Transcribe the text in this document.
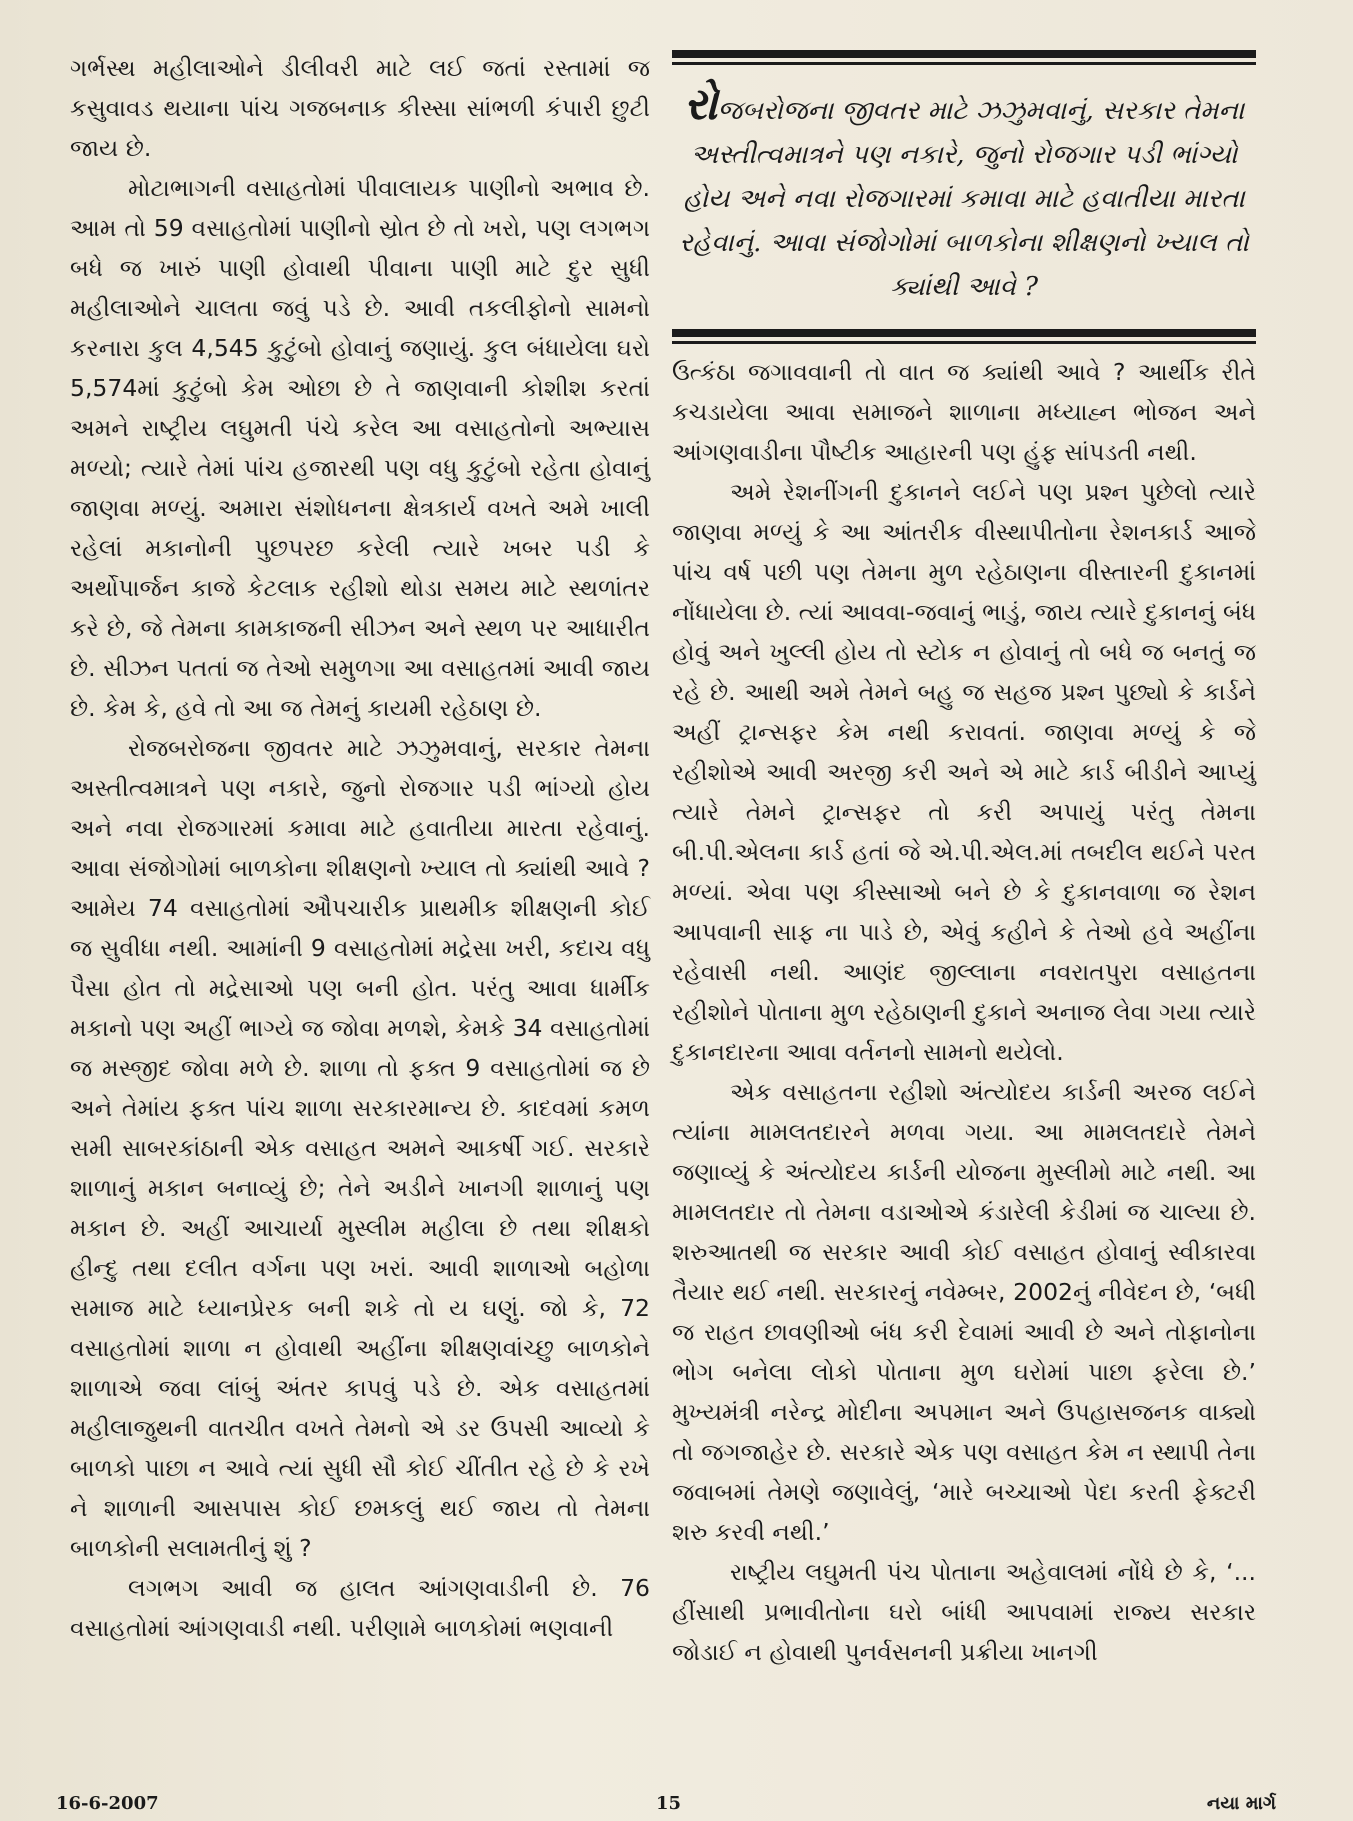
ગર્ભસ્થ મહીલાઓને ડીલીવરી માટે લઈ જતાં રસ્તામાં જ કસુવાવડ થયાના પાંચ ગજબનાક કીસ્સા સાંભળી કંપારી છુટી જાય છે.

મોટાભાગની વસાહતોમાં પીવાલાયક પાણીનો અભાવ છે. આમ તો 59 વસાહતોમાં પાણીનો સ્રોત છે તો ખરો, પણ લગભગ બધે જ ખારું પાણી હોવાથી પીવાના પાણી માટે દુર સુધી મહીલાઓને ચાલતા જવું પડે છે. આવી તકલીફોનો સામનો કરનારા કુલ 4,545 કુટુંબો હોવાનું જણાયું. કુલ બંધાયેલા ઘરો 5,574માં કુટુંબો કેમ ઓછા છે તે જાણવાની કોશીશ કરતાં અમને રાષ્ટ્રીય લઘુમતી પંચે કરેલ આ વસાહતોનો અભ્યાસ મળ્યો; ત્યારે તેમાં પાંચ હજારથી પણ વધુ કુટુંબો રહેતા હોવાનું જાણવા મળ્યું. અમારા સંશોધનના ક્ષેત્રકાર્ય વખતે અમે ખાલી રહેલાં મકાનોની પુછપરછ કરેલી ત્યારે ખબર પડી કે અર્થોપાર્જન કાજે કેટલાક રહીશો થોડા સમય માટે સ્થળાંતર કરે છે, જે તેમના કામકાજની સીઝન અને સ્થળ પર આધારીત છે. સીઝન પતતાં જ તેઓ સમુળગા આ વસાહતમાં આવી જાય છે. કેમ કે, હવે તો આ જ તેમનું કાયમી રહેઠાણ છે.

રોજબરોજના જીવતર માટે ઝઝુમવાનું, સરકાર તેમના અસ્તીત્વમાત્રને પણ નકારે, જુનો રોજગાર પડી ભાંગ્યો હોય અને નવા રોજગારમાં કમાવા માટે હવાતીયા મારતા રહેવાનું. આવા સંજોગોમાં બાળકોના શીક્ષણનો ખ્યાલ તો ક્યાંથી આવે ? આમેય 74 વસાહતોમાં ઔપચારીક પ્રાથમીક શીક્ષણની કોઈ જ સુવીધા નથી. આમાંની 9 વસાહતોમાં મદ્રેસા ખરી, કદાચ વધુ પૈસા હોત તો મદ્રેસાઓ પણ બની હોત. પરંતુ આવા ધાર્મીક મકાનો પણ અહીં ભાગ્યે જ જોવા મળશે, કેમકે 34 વસાહતોમાં જ મસ્જીદ જોવા મળે છે. શાળા તો ફક્ત 9 વસાહતોમાં જ છે અને તેમાંય ફક્ત પાંચ શાળા સરકારમાન્ય છે. કાદવમાં કમળ સમી સાબરકાંઠાની એક વસાહત અમને આકર્ષી ગઈ. સરકારે શાળાનું મકાન બનાવ્યું છે; તેને અડીને ખાનગી શાળાનું પણ મકાન છે. અહીં આચાર્યા મુસ્લીમ મહીલા છે તથા શીક્ષકો હીન્દુ તથા દલીત વર્ગના પણ ખરાં. આવી શાળાઓ બહોળા સમાજ માટે ધ્યાનપ્રેરક બની શકે તો ય ઘણું. જો કે, 72 વસાહતોમાં શાળા ન હોવાથી અહીંના શીક્ષણવાંચ્છુ બાળકોને શાળાએ જવા લાંબું અંતર કાપવું પડે છે. એક વસાહતમાં મહીલાજુથની વાતચીત વખતે તેમનો એ ડર ઉપસી આવ્યો કે બાળકો પાછા ન આવે ત્યાં સુધી સૌ કોઈ ચીંતીત રહે છે કે રખે ને શાળાની આસપાસ કોઈ છમકલું થઈ જાય તો તેમના બાળકોની સલામતીનું શું ?

લગભગ આવી જ હાલત આંગણવાડીની છે. 76 વસાહતોમાં આંગણવાડી નથી. પરીણામે બાળકોમાં ભણવાની

રોજબરોજના જીવતર માટે ઝઝુમવાનું, સરકાર તેમના અસ્તીત્વમાત્રને પણ નકારે, જુનો રોજગાર પડી ભાંગ્યો હોય અને નવા રોજગારમાં કમાવા માટે હવાતીયા મારતા રહેવાનું. આવા સંજોગોમાં બાળકોના શીક્ષણનો ખ્યાલ તો ક્યાંથી આવે ?

ઉત્કંઠા જગાવવાની તો વાત જ ક્યાંથી આવે ? આર્થીક રીતે કચડાયેલા આવા સમાજને શાળાના મધ્યાહ્ન ભોજન અને આંગણવાડીના પૌષ્ટીક આહારની પણ હુંફ સાંપડતી નથી.

અમે રેશનીંગની દુકાનને લઈને પણ પ્રશ્ન પુછેલો ત્યારે જાણવા મળ્યું કે આ આંતરીક વીસ્થાપીતોના રેશનકાર્ડ આજે પાંચ વર્ષ પછી પણ તેમના મુળ રહેઠાણના વીસ્તારની દુકાનમાં નોંધાયેલા છે. ત્યાં આવવા-જવાનું ભાડું, જાય ત્યારે દુકાનનું બંધ હોવું અને ખુલ્લી હોય તો સ્ટોક ન હોવાનું તો બધે જ બનતું જ રહે છે. આથી અમે તેમને બહુ જ સહજ પ્રશ્ન પુછ્યો કે કાર્ડને અહીં ટ્રાન્સફર કેમ નથી કરાવતાં. જાણવા મળ્યું કે જે રહીશોએ આવી અરજી કરી અને એ માટે કાર્ડ બીડીને આપ્યું ત્યારે તેમને ટ્રાન્સફર તો કરી અપાયું પરંતુ તેમના બી.પી.એલના કાર્ડ હતાં જે એ.પી.એલ.માં તબદીલ થઈને પરત મળ્યાં. એવા પણ કીસ્સાઓ બને છે કે દુકાનવાળા જ રેશન આપવાની સાફ ના પાડે છે, એવું કહીને કે તેઓ હવે અહીંના રહેવાસી નથી. આણંદ જીલ્લાના નવરાતપુરા વસાહતના રહીશોને પોતાના મુળ રહેઠાણની દુકાને અનાજ લેવા ગયા ત્યારે દુકાનદારના આવા વર્તનનો સામનો થયેલો.

એક વસાહતના રહીશો અંત્યોદય કાર્ડની અરજ લઈને ત્યાંના મામલતદારને મળવા ગયા. આ મામલતદારે તેમને જણાવ્યું કે અંત્યોદય કાર્ડની યોજના મુસ્લીમો માટે નથી. આ મામલતદાર તો તેમના વડાઓએ કંડારેલી કેડીમાં જ ચાલ્યા છે. શરુઆતથી જ સરકાર આવી કોઈ વસાહત હોવાનું સ્વીકારવા તૈયાર થઈ નથી. સરકારનું નવેમ્બર, 2002નું નીવેદન છે, ‘બધી જ રાહત છાવણીઓ બંધ કરી દેવામાં આવી છે અને તોફાનોના ભોગ બનેલા લોકો પોતાના મુળ ઘરોમાં પાછા ફરેલા છે.’ મુખ્યમંત્રી નરેન્દ્ર મોદીના અપમાન અને ઉપહાસજનક વાક્યો તો જગજાહેર છે. સરકારે એક પણ વસાહત કેમ ન સ્થાપી તેના જવાબમાં તેમણે જણાવેલું, ‘મારે બચ્ચાઓ પેદા કરતી ફેક્ટરી શરુ કરવી નથી.’

રાષ્ટ્રીય લઘુમતી પંચ પોતાના અહેવાલમાં નોંધે છે કે, ‘... હીંસાથી પ્રભાવીતોના ઘરો બાંધી આપવામાં રાજ્ય સરકાર જોડાઈ ન હોવાથી પુનર્વસનની પ્રક્રીયા ખાનગી

16-6-2007	15	નયા માર્ગ
